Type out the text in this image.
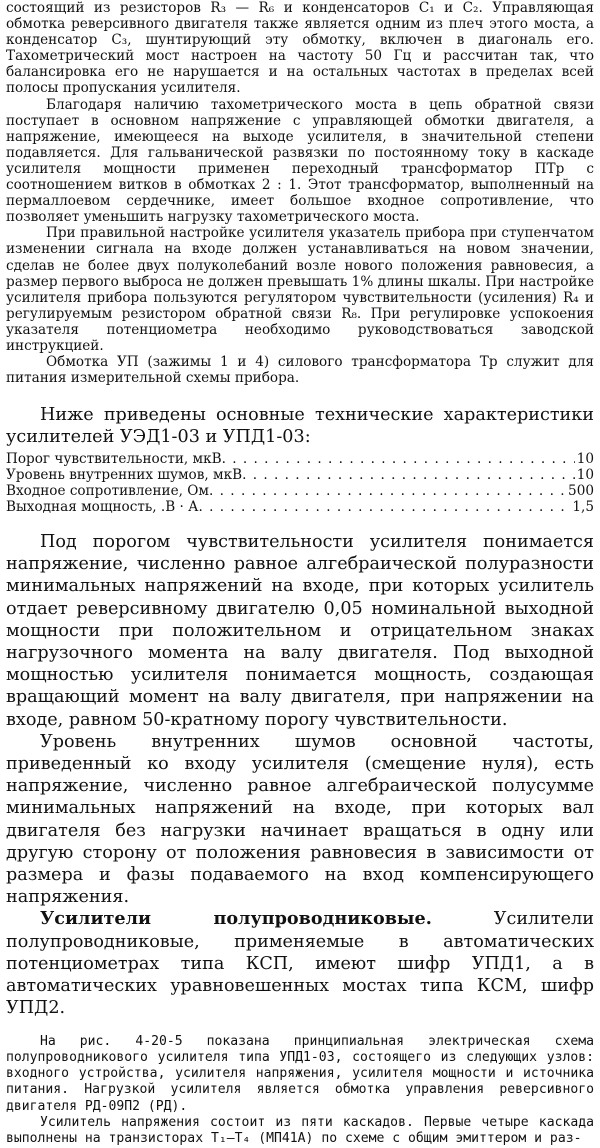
состоящий из резисторов R₃ — R₆ и конденсаторов C₁ и C₂. Управляющая обмотка реверсивного двигателя также является одним из плеч этого моста, а конденсатор C₃, шунтирующий эту обмотку, включен в диагональ его. Тахометрический мост настроен на частоту 50 Гц и рассчитан так, что балансировка его не нарушается и на остальных частотах в пределах всей полосы пропускания усилителя.

Благодаря наличию тахометрического моста в цепь обратной связи поступает в основном напряжение с управляющей обмотки двигателя, а напряжение, имеющееся на выходе усилителя, в значительной степени подавляется. Для гальванической развязки по постоянному току в каскаде усилителя мощности применен переходный трансформатор ПТр с соотношением витков в обмотках 2 : 1. Этот трансформатор, выполненный на пермаллоевом сердечнике, имеет большое входное сопротивление, что позволяет уменьшить нагрузку тахометрического моста.

При правильной настройке усилителя указатель прибора при ступенчатом изменении сигнала на входе должен устанавливаться на новом значении, сделав не более двух полуколебаний возле нового положения равновесия, а размер первого выброса не должен превышать 1% длины шкалы. При настройке усилителя прибора пользуются регулятором чувствительности (усиления) R₄ и регулируемым резистором обратной связи R₈. При регулировке успокоения указателя потенциометра необходимо руководствоваться заводской инструкцией.

Обмотка УП (зажимы 1 и 4) силового трансформатора Тр служит для питания измерительной схемы прибора.

Ниже приведены основные технические характеристики усилителей УЭД1-03 и УПД1-03:

Порог чувствительности, мкВ . . .	10
Уровень внутренних шумов, мкВ . . .	10
Входное сопротивление, Ом . . .	500
Выходная мощность, .В · А . . .	1,5

Под порогом чувствительности усилителя понимается напряжение, численно равное алгебраической полуразности минимальных напряжений на входе, при которых усилитель отдает реверсивному двигателю 0,05 номинальной выходной мощности при положительном и отрицательном знаках нагрузочного момента на валу двигателя. Под выходной мощностью усилителя понимается мощность, создающая вращающий момент на валу двигателя, при напряжении на входе, равном 50-кратному порогу чувствительности.

Уровень внутренних шумов основной частоты, приведенный ко входу усилителя (смещение нуля), есть напряжение, численно равное алгебраической полусумме минимальных напряжений на входе, при которых вал двигателя без нагрузки начинает вращаться в одну или другую сторону от положения равновесия в зависимости от размера и фазы подаваемого на вход компенсирующего напряжения.

Усилители полупроводниковые.	Усилители полупроводниковые, применяемые в автоматических потенциометрах типа КСП, имеют шифр УПД1, а в автоматических уравновешенных мостах типа КСМ, шифр УПД2.

На рис. 4-20-5 показана принципиальная электрическая схема полупроводникового усилителя типа УПД1-03, состоящего из следующих узлов: входного устройства, усилителя напряжения, усилителя мощности и источника питания. Нагрузкой усилителя является обмотка управления реверсивного двигателя РД-09П2 (РД).

Усилитель напряжения состоит из пяти каскадов. Первые четыре каскада выполнены на транзисторах T₁—T₄ (МП41А) по схеме с общим эмиттером и раз-
